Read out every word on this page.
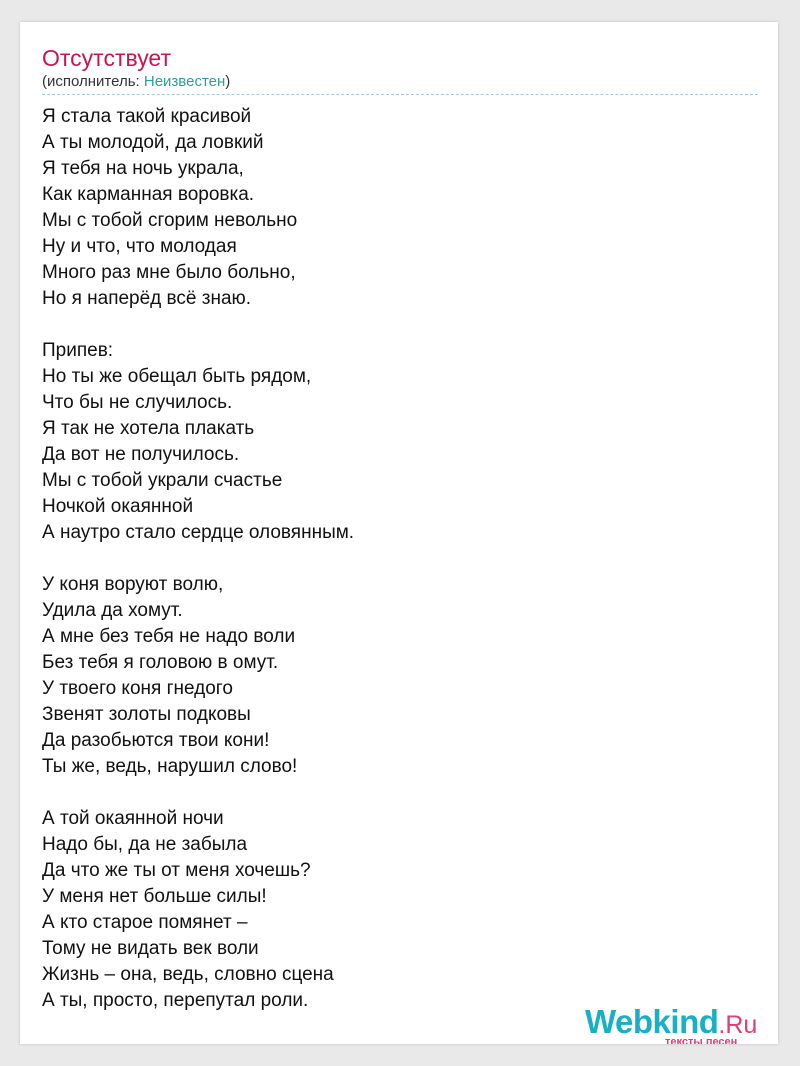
Отсутствует
(исполнитель: Неизвестен)
Я стала такой красивой
А ты молодой, да ловкий
Я тебя на ночь украла,
Как карманная воровка.
Мы с тобой сгорим невольно
Ну и что, что молодая
Много раз мне было больно,
Но я наперёд всё знаю.
Припев:
Но ты же обещал быть рядом,
Что бы не случилось.
Я так не хотела плакать
Да вот не получилось.
Мы с тобой украли счастье
Ночкой окаянной
А наутро стало сердце оловянным.
У коня воруют волю,
Удила да хомут.
А мне без тебя не надо воли
Без тебя я головою в омут.
У твоего коня гнедого
Звенят золоты подковы
Да разобьются твои кони!
Ты же, ведь, нарушил слово!
А той окаянной ночи
Надо бы, да не забыла
Да что же ты от меня хочешь?
У меня нет больше силы!
А кто старое помянет –
Тому не видать век воли
Жизнь – она, ведь, словно сцена
А ты, просто, перепутал роли.
Webkind.Ru
тексты песен
